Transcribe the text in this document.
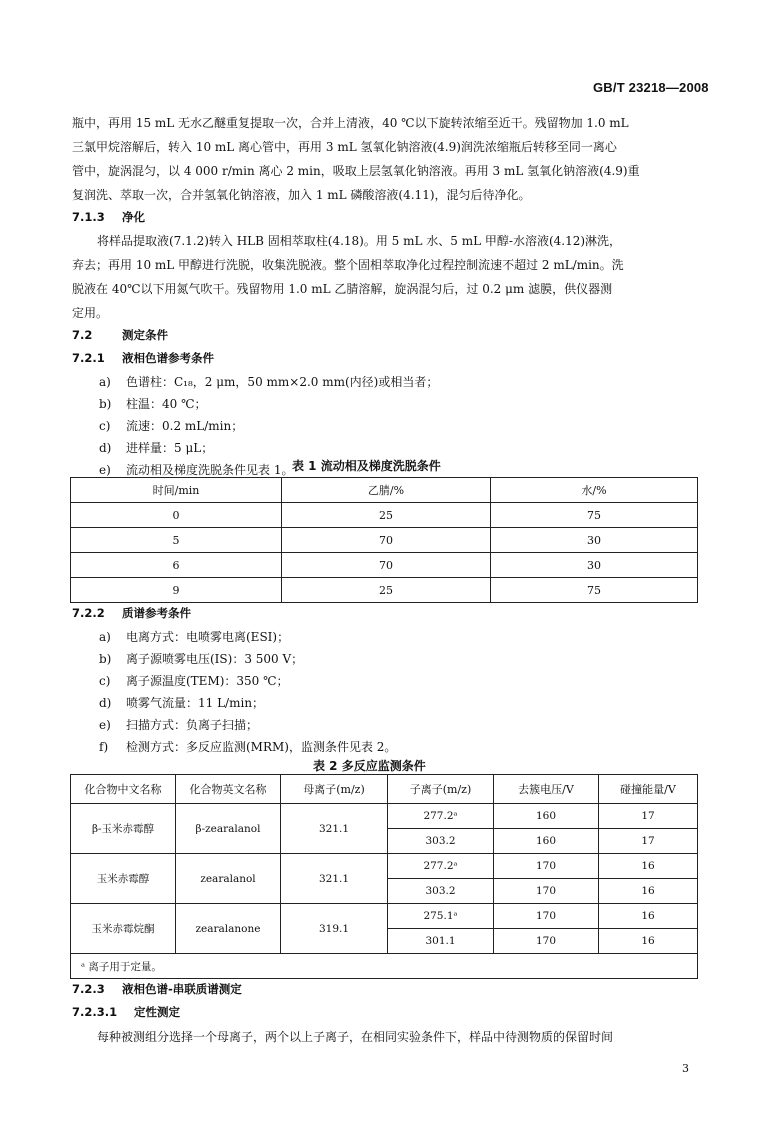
GB/T 23218—2008
瓶中，再用 15 mL 无水乙醚重复提取一次，合并上清液，40 ℃以下旋转浓缩至近干。残留物加 1.0 mL
三氯甲烷溶解后，转入 10 mL 离心管中，再用 3 mL 氢氧化钠溶液(4.9)润洗浓缩瓶后转移至同一离心
管中，旋涡混匀，以 4 000 r/min 离心 2 min，吸取上层氢氧化钠溶液。再用 3 mL 氢氧化钠溶液(4.9)重
复润洗、萃取一次，合并氢氧化钠溶液，加入 1 mL 磷酸溶液(4.11)，混匀后待净化。
7.1.3 净化
将样品提取液(7.1.2)转入 HLB 固相萃取柱(4.18)。用 5 mL 水、5 mL 甲醇-水溶液(4.12)淋洗，
弃去；再用 10 mL 甲醇进行洗脱，收集洗脱液。整个固相萃取净化过程控制流速不超过 2 mL/min。洗
脱液在 40℃以下用氮气吹干。残留物用 1.0 mL 乙腈溶解，旋涡混匀后，过 0.2 μm 滤膜，供仪器测
定用。
7.2	测定条件
7.2.1 液相色谱参考条件
a) 色谱柱：C₁₈，2 μm，50 mm×2.0 mm(内径)或相当者；
b) 柱温：40 ℃；
c) 流速：0.2 mL/min；
d) 进样量：5 μL；
表 1 流动相及梯度洗脱条件
时间/min	乙腈/%	水/%
0	25	75
5	70	30
6	70	30
9	25	75
7.2.2 质谱参考条件
a) 电离方式：电喷雾电离(ESI)；
b) 离子源喷雾电压(IS)：3 500 V；
c) 离子源温度(TEM)：350 ℃；
d) 喷雾气流量：11 L/min；
e) 扫描方式：负离子扫描；
f) 检测方式：多反应监测(MRM)，监测条件见表 2。
表 2 多反应监测条件
化合物中文名称	化合物英文名称	母离子(m/z)	子离子(m/z)	去簇电压/V	碰撞能量/V
β-玉米赤霉醇	β-zearalanol	321.1	277.2ᵃ	160	17
			303.2	160	17
玉米赤霉醇	zearalanol	321.1	277.2ᵃ	170	16
			303.2	170	16
玉米赤霉烷酮	zearalanone	319.1	275.1ᵃ	170	16
			301.1	170	16
ᵃ 离子用于定量。					
7.2.3 液相色谱-串联质谱测定
7.2.3.1 定性测定
每种被测组分选择一个母离子，两个以上子离子，在相同实验条件下，样品中待测物质的保留时间
3
e) 流动相及梯度洗脱条件见表 1。
